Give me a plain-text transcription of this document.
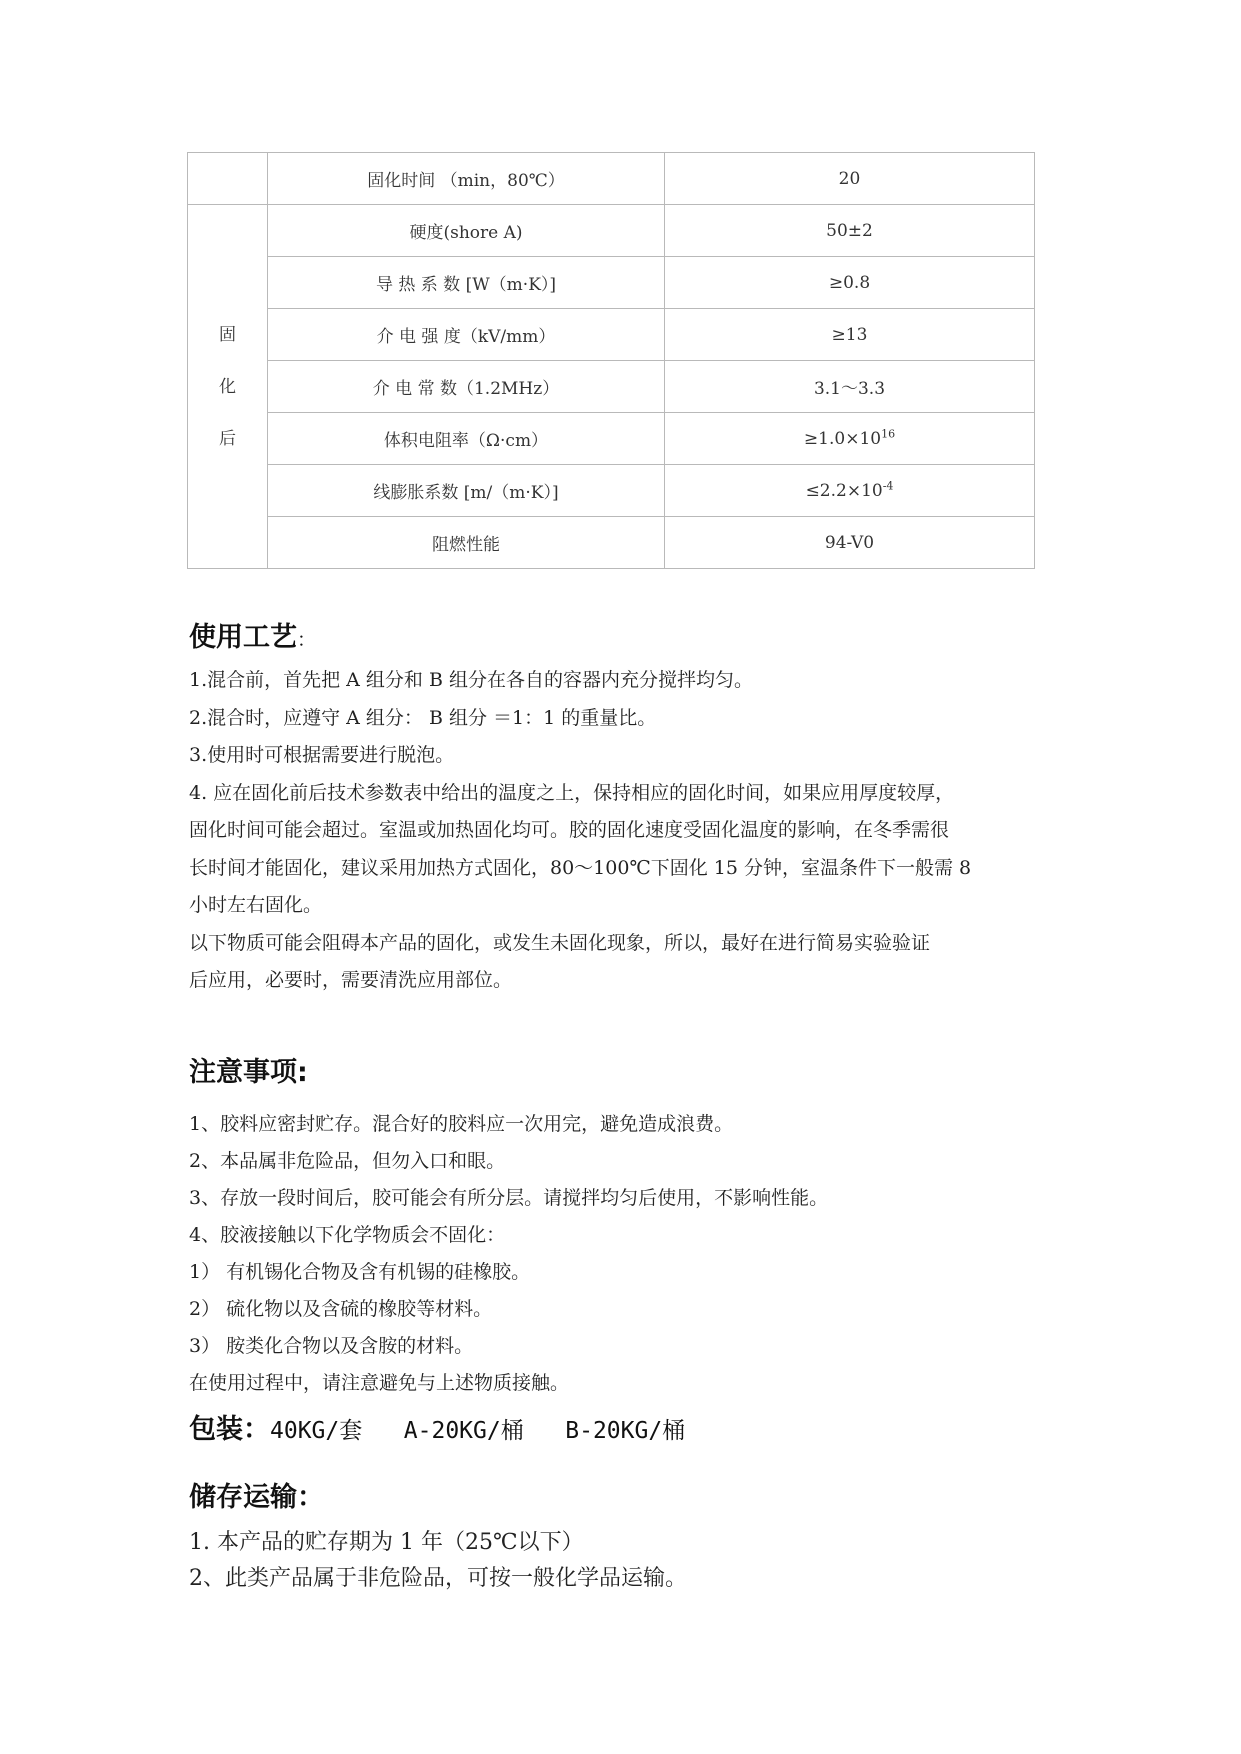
	固化时间 （min，80℃）	20

固
化
后	硬度(shore A)	50±2
	导 热 系 数 [W（m·K）]	≥0.8
	介 电 强 度（kV/mm）	≥13
	介 电 常 数（1.2MHz）	3.1～3.3
	体积电阻率（Ω·cm）	$\ge 1.0\times 10^{16}$
	线膨胀系数 [m/（m·K）]	$\le 2.2\times 10^{-4}$
	阻燃性能	94-V0
使用工艺：
1.混合前，首先把 A 组分和 B 组分在各自的容器内充分搅拌均匀。
2.混合时，应遵守 A 组分： B 组分 ＝1：1 的重量比。
3.使用时可根据需要进行脱泡。
4. 应在固化前后技术参数表中给出的温度之上，保持相应的固化时间，如果应用厚度较厚，
固化时间可能会超过。室温或加热固化均可。胶的固化速度受固化温度的影响，在冬季需很
长时间才能固化，建议采用加热方式固化，80～100℃下固化 15 分钟，室温条件下一般需 8
小时左右固化。
以下物质可能会阻碍本产品的固化，或发生未固化现象，所以，最好在进行简易实验验证
后应用，必要时，需要清洗应用部位。
注意事项:
1、胶料应密封贮存。混合好的胶料应一次用完，避免造成浪费。
2、本品属非危险品，但勿入口和眼。
3、存放一段时间后，胶可能会有所分层。请搅拌均匀后使用，不影响性能。
4、胶液接触以下化学物质会不固化：
1） 有机锡化合物及含有机锡的硅橡胶。
2） 硫化物以及含硫的橡胶等材料。
3） 胺类化合物以及含胺的材料。
在使用过程中，请注意避免与上述物质接触。
包装：40KG/套   A-20KG/桶   B-20KG/桶
储存运输：
1. 本产品的贮存期为 1 年（25℃以下）
2、此类产品属于非危险品，可按一般化学品运输。
